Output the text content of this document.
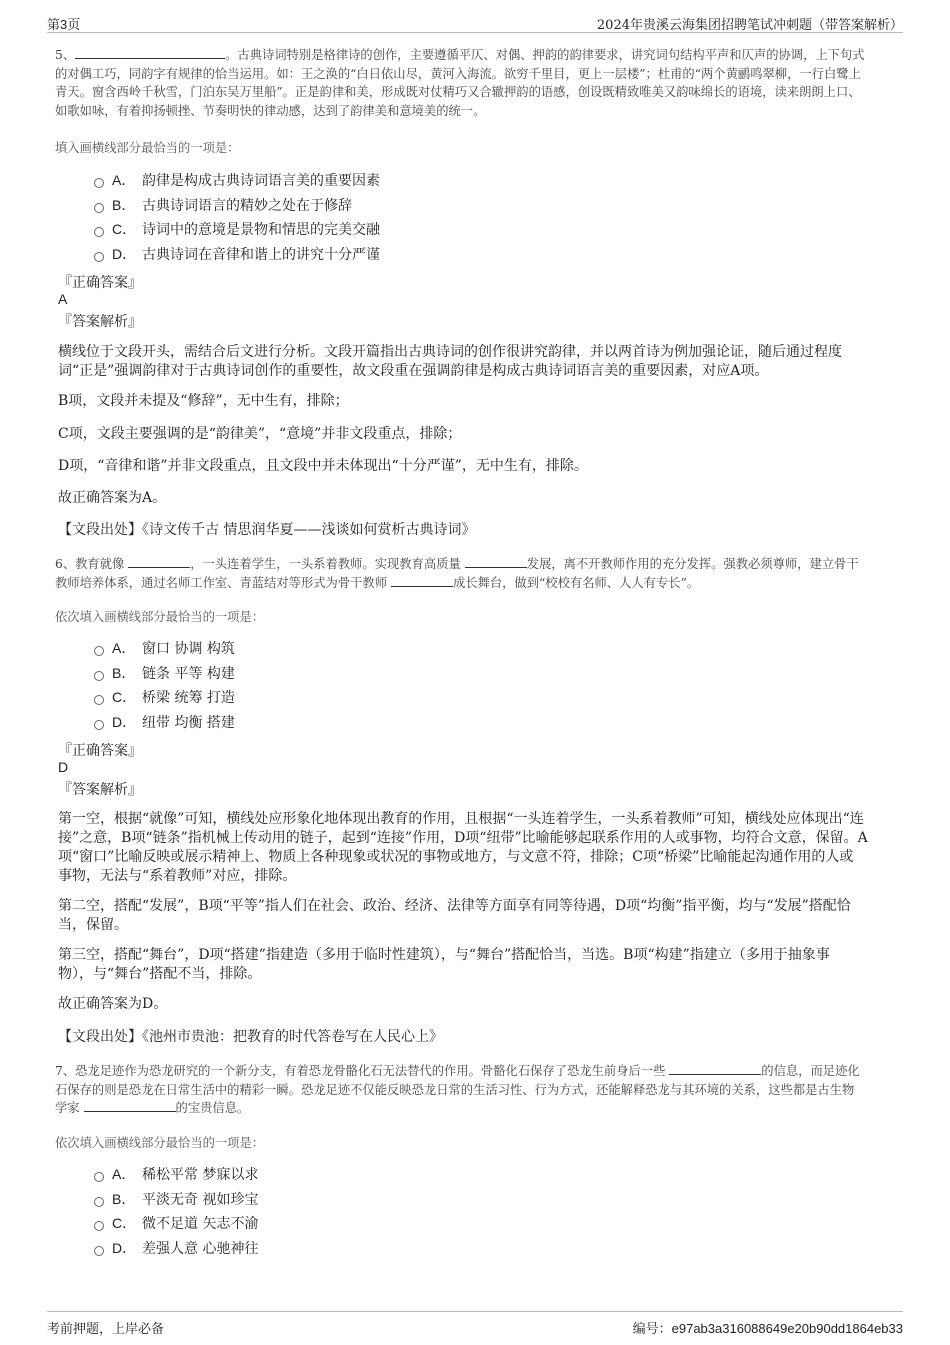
第3页	2024年贵溪云海集团招聘笔试冲刺题（带答案解析）
5、	。古典诗词特别是格律诗的创作，主要遵循平仄、对偶、押韵的韵律要求，讲究词句结构平声和仄声的协调，上下句式
的对偶工巧，同韵字有规律的恰当运用。如：王之涣的“白日依山尽，黄河入海流。欲穷千里目，更上一层楼”；杜甫的“两个黄鹂鸣翠柳，一行白鹭上
青天。窗含西岭千秋雪，门泊东吴万里船”。正是韵律和美，形成既对仗精巧又合辙押韵的语感，创设既精致唯美又韵味绵长的语境，读来朗朗上口、
如歌如咏，有着抑扬顿挫、节奏明快的律动感，达到了韵律美和意境美的统一。
填入画横线部分最恰当的一项是：
A． 韵律是构成古典诗词语言美的重要因素
B． 古典诗词语言的精妙之处在于修辞
C． 诗词中的意境是景物和情思的完美交融
D． 古典诗词在音律和谐上的讲究十分严谨
『正确答案』
A
『答案解析』
横线位于文段开头，需结合后文进行分析。文段开篇指出古典诗词的创作很讲究韵律，并以两首诗为例加强论证，随后通过程度
词“正是”强调韵律对于古典诗词创作的重要性，故文段重在强调韵律是构成古典诗词语言美的重要因素，对应A项。
B项，文段并未提及“修辞”，无中生有，排除；
C项，文段主要强调的是“韵律美”，“意境”并非文段重点，排除；
D项，“音律和谐”并非文段重点，且文段中并未体现出“十分严谨”，无中生有，排除。
故正确答案为A。
【文段出处】《诗文传千古 情思润华夏——浅谈如何赏析古典诗词》
6、教育就像	，一头连着学生，一头系着教师。实现教育高质量	发展，离不开教师作用的充分发挥。强教必须尊师，建立骨干
教师培养体系，通过名师工作室、青蓝结对等形式为骨干教师	成长舞台，做到“校校有名师、人人有专长”。
依次填入画横线部分最恰当的一项是：
A． 窗口 协调 构筑
B． 链条 平等 构建
C． 桥梁 统筹 打造
D． 纽带 均衡 搭建
『正确答案』
D
『答案解析』
第一空，根据“就像”可知，横线处应形象化地体现出教育的作用，且根据“一头连着学生，一头系着教师”可知，横线处应体现出“连
接”之意，B项“链条”指机械上传动用的链子，起到“连接”作用，D项“纽带”比喻能够起联系作用的人或事物，均符合文意，保留。A
项“窗口”比喻反映或展示精神上、物质上各种现象或状况的事物或地方，与文意不符，排除；C项“桥梁”比喻能起沟通作用的人或
事物，无法与“系着教师”对应，排除。
第二空，搭配“发展”，B项“平等”指人们在社会、政治、经济、法律等方面享有同等待遇，D项“均衡”指平衡，均与“发展”搭配恰
当，保留。
第三空，搭配“舞台”，D项“搭建”指建造（多用于临时性建筑），与“舞台”搭配恰当，当选。B项“构建”指建立（多用于抽象事
物），与“舞台”搭配不当，排除。
故正确答案为D。
【文段出处】《池州市贵池：把教育的时代答卷写在人民心上》
7、恐龙足迹作为恐龙研究的一个新分支，有着恐龙骨骼化石无法替代的作用。骨骼化石保存了恐龙生前身后一些	的信息，而足迹化
石保存的则是恐龙在日常生活中的精彩一瞬。恐龙足迹不仅能反映恐龙日常的生活习性、行为方式，还能解释恐龙与其环境的关系，这些都是古生物
学家	的宝贵信息。
依次填入画横线部分最恰当的一项是：
A． 稀松平常 梦寐以求
B． 平淡无奇 视如珍宝
C． 微不足道 矢志不渝
D． 差强人意 心驰神往
考前押题，上岸必备	编号：e97ab3a316088649e20b90dd1864eb33
